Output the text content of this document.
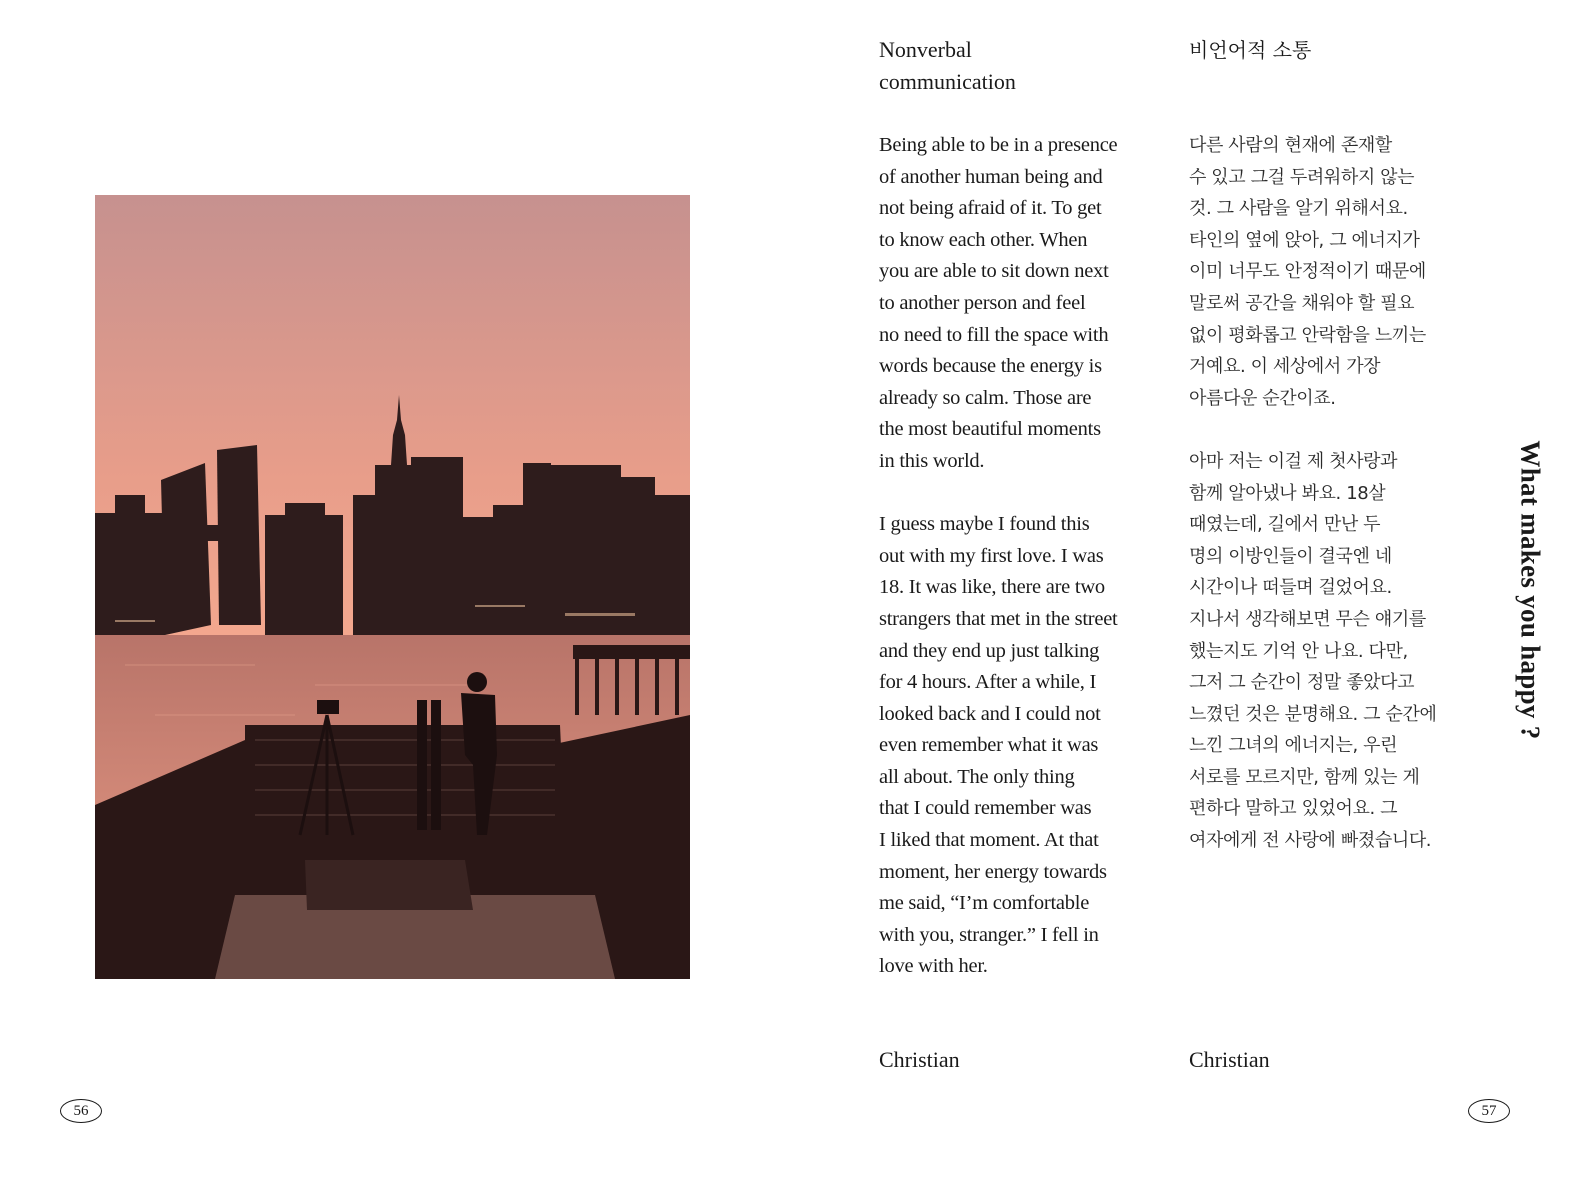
Nonverbal communication

Being able to be in a presence
of another human being and
not being afraid of it. To get
to know each other. When
you are able to sit down next
to another person and feel
no need to fill the space with
words because the energy is
already so calm. Those are
the most beautiful moments
in this world.

I guess maybe I found this
out with my first love. I was
18. It was like, there are two
strangers that met in the street
and they end up just talking
for 4 hours. After a while, I
looked back and I could not
even remember what it was
all about. The only thing
that I could remember was
I liked that moment. At that
moment, her energy towards
me said, “I’m comfortable
with you, stranger.” I fell in
love with her.

비언어적 소통

다른 사람의 현재에 존재할
수 있고 그걸 두려워하지 않는
것. 그 사람을 알기 위해서요.
타인의 옆에 앉아, 그 에너지가
이미 너무도 안정적이기 때문에
말로써 공간을 채워야 할 필요
없이 평화롭고 안락함을 느끼는
거예요. 이 세상에서 가장
아름다운 순간이죠.

아마 저는 이걸 제 첫사랑과
함께 알아냈나 봐요. 18살
때였는데, 길에서 만난 두
명의 이방인들이 결국엔 네
시간이나 떠들며 걸었어요.
지나서 생각해보면 무슨 얘기를
했는지도 기억 안 나요. 다만,
그저 그 순간이 정말 좋았다고
느꼈던 것은 분명해요. 그 순간에
느낀 그녀의 에너지는, 우린
서로를 모르지만, 함께 있는 게
편하다 말하고 있었어요. 그
여자에게 전 사랑에 빠졌습니다.

Christian	Christian
What makes you happy ?
56	57
